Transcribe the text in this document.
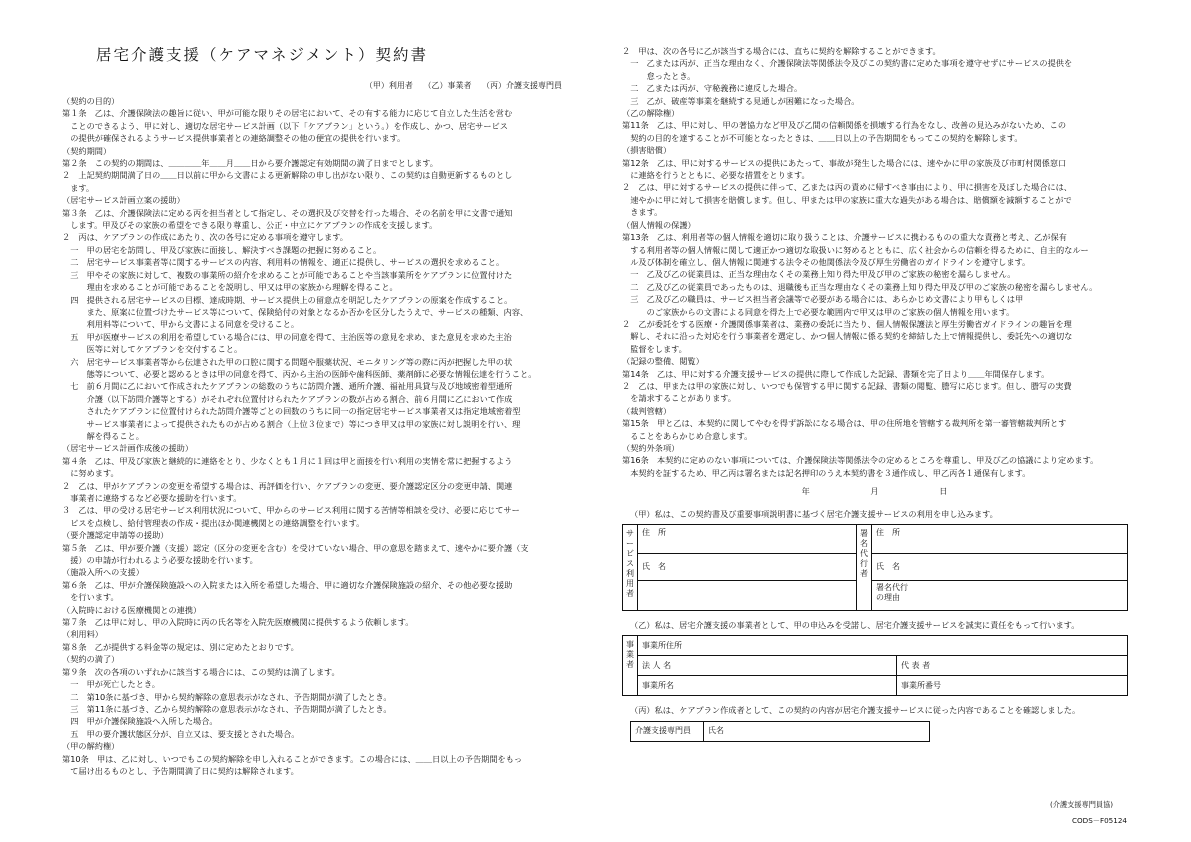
居宅介護支援（ケアマネジメント）契約書
（甲）利用者 （乙）事業者 （丙）介護支援専門員
（契約の目的）
第１条　乙は、介護保険法の趣旨に従い、甲が可能な限りその居宅において、その有する能力に応じて自立した生活を営む
　ことのできるよう、甲に対し、適切な居宅サービス計画（以下「ケアプラン」という。）を作成し、かつ、居宅サービス
　の提供が確保されるようサービス提供事業者との連絡調整その他の便宜の提供を行います。
（契約期間）
第２条　この契約の期間は、＿＿＿＿年＿＿月＿＿日から要介護認定有効期間の満了日までとします。
２　上記契約期間満了日の＿＿日以前に甲から文書による更新解除の申し出がない限り、この契約は自動更新するものとし
　ます。
（居宅サービス計画立案の援助）
第３条　乙は、介護保険法に定める丙を担当者として指定し、その選択及び交替を行った場合、その名前を甲に文書で通知
　します。甲及びその家族の希望をできる限り尊重し、公正・中立にケアプランの作成を支援します。
２　丙は、ケアプランの作成にあたり、次の各号に定める事項を遵守します。
　一　甲の居宅を訪問し、甲及び家族に面接し、解決すべき課題の把握に努めること。
　二　居宅サービス事業者等に関するサービスの内容、利用料の情報を、適正に提供し、サービスの選択を求めること。
　三　甲やその家族に対して、複数の事業所の紹介を求めることが可能であることや当該事業所をケアプランに位置付けた
　　　理由を求めることが可能であることを説明し、甲又は甲の家族から理解を得ること。
　四　提供される居宅サービスの目標、達成時期、サービス提供上の留意点を明記したケアプランの原案を作成すること。
　　　また、原案に位置づけたサービス等について、保険給付の対象となるか否かを区分したうえで、サービスの種類、内容、
　　　利用料等について、甲から文書による同意を受けること。
　五　甲が医療サービスの利用を希望している場合には、甲の同意を得て、主治医等の意見を求め、また意見を求めた主治
　　　医等に対してケアプランを交付すること。
　六　居宅サービス事業者等から伝達された甲の口腔に関する問題や服薬状況、モニタリング等の際に丙が把握した甲の状
　　　態等について、必要と認めるときは甲の同意を得て、丙から主治の医師や歯科医師、薬剤師に必要な情報伝達を行うこと。
　七　前６月間に乙において作成されたケアプランの総数のうちに訪問介護、通所介護、福祉用具貸与及び地域密着型通所
　　　介護（以下訪問介護等とする）がそれぞれ位置付けられたケアプランの数が占める割合、前６月間に乙において作成
　　　されたケアプランに位置付けられた訪問介護等ごとの回数のうちに同一の指定居宅サービス事業者又は指定地域密着型
　　　サービス事業者によって提供されたものが占める割合（上位３位まで）等につき甲又は甲の家族に対し説明を行い、理
　　　解を得ること。
（居宅サービス計画作成後の援助）
第４条　乙は、甲及び家族と継続的に連絡をとり、少なくとも１月に１回は甲と面接を行い利用の実情を常に把握するよう
　に努めます。
２　乙は、甲がケアプランの変更を希望する場合は、再評価を行い、ケアプランの変更、要介護認定区分の変更申請、関連
　事業者に連絡するなど必要な援助を行います。
３　乙は、甲の受ける居宅サービス利用状況について、甲からのサービス利用に関する苦情等相談を受け、必要に応じてサー
　ビスを点検し、給付管理表の作成・提出ほか関連機関との連絡調整を行います。
（要介護認定申請等の援助）
第５条　乙は、甲が要介護（支援）認定（区分の変更を含む）を受けていない場合、甲の意思を踏まえて、速やかに要介護（支
　援）の申請が行われるよう必要な援助を行います。
（施設入所への支援）
第６条　乙は、甲が介護保険施設への入院または入所を希望した場合、甲に適切な介護保険施設の紹介、その他必要な援助
　を行います。
（入院時における医療機関との連携）
第７条　乙は甲に対し、甲の入院時に丙の氏名等を入院先医療機関に提供するよう依頼します。
（利用料）
第８条　乙が提供する料金等の規定は、別に定めたとおりです。
（契約の満了）
第９条　次の各項のいずれかに該当する場合には、この契約は満了します。
　一　甲が死亡したとき。
　二　第10条に基づき、甲から契約解除の意思表示がなされ、予告期間が満了したとき。
　三　第11条に基づき、乙から契約解除の意思表示がなされ、予告期間が満了したとき。
　四　甲が介護保険施設へ入所した場合。
　五　甲の要介護状態区分が、自立又は、要支援とされた場合。
（甲の解約権）
第10条　甲は、乙に対し、いつでもこの契約解除を申し入れることができます。この場合には、＿＿日以上の予告期間をもっ
　て届け出るものとし、予告期間満了日に契約は解除されます。
２　甲は、次の各号に乙が該当する場合には、直ちに契約を解除することができます。
　一　乙または丙が、正当な理由なく、介護保険法等関係法令及びこの契約書に定めた事項を遵守せずにサービスの提供を
　　　怠ったとき。
　二　乙または丙が、守秘義務に違反した場合。
　三　乙が、破産等事業を継続する見通しが困難になった場合。
（乙の解除権）
第11条　乙は、甲に対し、甲の著協力など甲及び乙間の信頼関係を損壊する行為をなし、改善の見込みがないため、この
　契約の目的を達することが不可能となったときは、＿＿日以上の予告期間をもってこの契約を解除します。
（損害賠償）
第12条　乙は、甲に対するサービスの提供にあたって、事故が発生した場合には、速やかに甲の家族及び市町村関係窓口
　に連絡を行うとともに、必要な措置をとります。
２　乙は、甲に対するサービスの提供に伴って、乙または丙の責めに帰すべき事由により、甲に損害を及ぼした場合には、
　速やかに甲に対して損害を賠償します。但し、甲または甲の家族に重大な過失がある場合は、賠償額を減額することがで
　きます。
（個人情報の保護）
第13条　乙は、利用者等の個人情報を適切に取り扱うことは、介護サービスに携わるものの重大な責務と考え、乙が保有
　する利用者等の個人情報に関して適正かつ適切な取扱いに努めるとともに、広く社会からの信頼を得るために、自主的なルー
　ル及び体制を確立し、個人情報に関連する法令その他関係法令及び厚生労働省のガイドラインを遵守します。
　一　乙及び乙の従業員は、正当な理由なくその業務上知り得た甲及び甲のご家族の秘密を漏らしません。
　二　乙及び乙の従業員であったものは、退職後も正当な理由なくその業務上知り得た甲及び甲のご家族の秘密を漏らしません。
　三　乙及び乙の職員は、サービス担当者会議等で必要がある場合には、あらかじめ文書により甲もしくは甲
　　　のご家族からの文書による同意を得た上で必要な範囲内で甲又は甲のご家族の個人情報を用います。
２　乙が委託をする医療・介護関係事業者は、業務の委託に当たり、個人情報保護法と厚生労働省ガイドラインの趣旨を理
　解し、それに沿った対応を行う事業者を選定し、かつ個人情報に係る契約を締結した上で情報提供し、委託先への適切な
　監督をします。
（記録の整備、閲覧）
第14条　乙は、甲に対する介護支援サービスの提供に際して作成した記録、書類を完了日より＿＿年間保存します。
２　乙は、甲または甲の家族に対し、いつでも保管する甲に関する記録、書類の閲覧、謄写に応じます。但し、謄写の実費
　を請求することがあります。
（裁判管轄）
第15条　甲と乙は、本契約に関してやむを得ず訴訟になる場合は、甲の住所地を管轄する裁判所を第一審管轄裁判所とす
　ることをあらかじめ合意します。
（契約外条項）
第16条　本契約に定めのない事項については、介護保険法等関係法令の定めるところを尊重し、甲及び乙の協議により定めます。
　本契約を証するため、甲乙丙は署名または記名押印のうえ本契約書を３通作成し、甲乙丙各１通保有します。
年	月	日
（甲）私は、この契約書及び重要事項説明書に基づく居宅介護支援サービスの利用を申し込みます。
サービス利用者	住　所	署名代行者	住　所
	氏　名		氏　名
			署名代行
の理由
（乙）私は、居宅介護支援の事業者として、甲の申込みを受諾し、居宅介護支援サービスを誠実に責任をもって行います。
事業者	事業所住所	
	法 人 名	代 表 者
	事業所名	事業所番号
（丙）私は、ケアプラン作成者として、この契約の内容が居宅介護支援サービスに従った内容であることを確認しました。
介護支援専門員	氏名
(介護支援専門員協)
CODS－F05124
